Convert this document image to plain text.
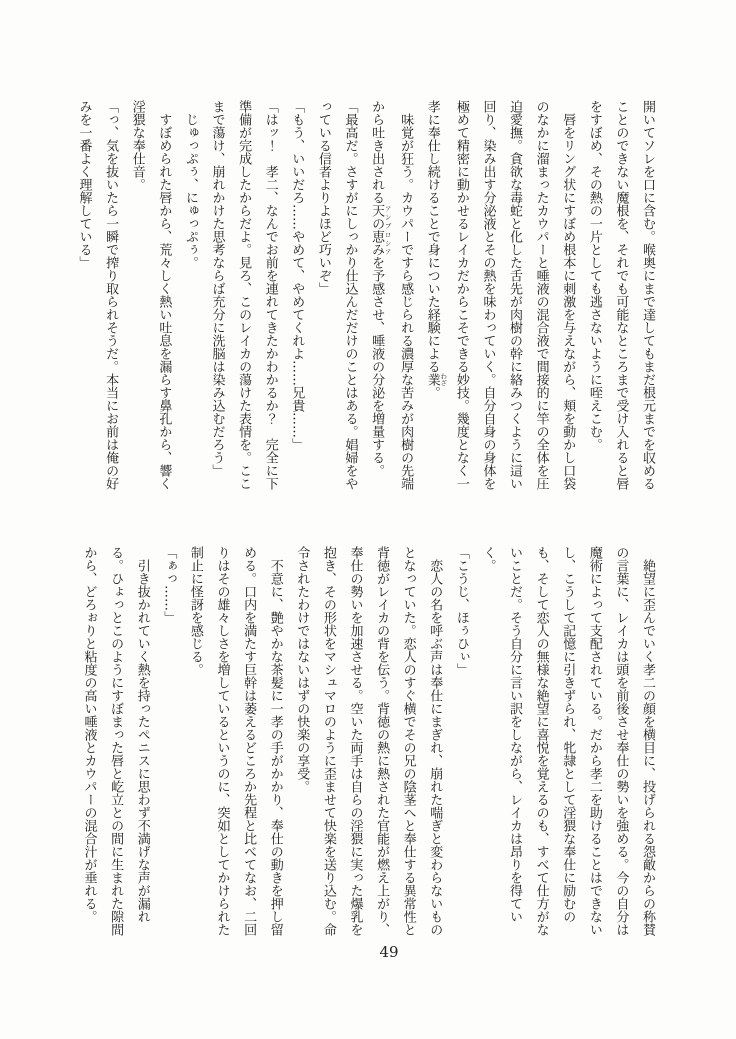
開いてソレを口に含む。喉奥にまで達してもまだ根元までを収める
ことのできない魔根を、それでも可能なところまで受け入れると唇
をすぼめ、その熱の一片としても逃さないように咥えこむ。
　唇をリング状にすぼめ根本に刺激を与えながら、頬を動かし口袋
のなかに溜まったカウパーと唾液の混合液で間接的に竿の全体を圧
迫愛撫。貪欲な毒蛇と化した舌先が肉樹の幹に絡みつくように這い
回り、染み出す分泌液とその熱を味わっていく。自分自身の身体を
極めて精密に動かせるレイカだからこそできる妙技。幾度となく一
孝に奉仕し続けることで身についた経験による業 わざ。
　味覚が狂う。カウパーですら感じられる濃厚な苦みが肉樹の先端
から吐き出される天の恵み アンブロシアを予感させ、唾液の分泌を増量する。
「最高だ。さすがにしっかり仕込んだだけのことはある。娼婦をや
っている信者よりよほど巧いぞ」
「もう、いいだろ……やめて、やめてくれよ……兄貴……」
「はッ！　孝二、なんでお前を連れてきたかわかるか？　完全に下
準備が完成したからだよ。見ろ、このレイカの蕩けた表情を。ここ
まで蕩け、崩れかけた思考ならば充分に洗脳は染み込むだろう」
　じゅっぷぅ、にゅっぷぅ。
　すぼめられた唇から、荒々しく熱い吐息を漏らす鼻孔から、響く
淫猥な奉仕音。
「っ、気を抜いたら一瞬で搾り取られそうだ。本当にお前は俺の好
みを一番よく理解している」
　絶望に歪んでいく孝二の顔を横目に、投げられる怨敵からの称賛
の言葉に、レイカは頭を前後させ奉仕の勢いを強める。今の自分は
魔術によって支配されている。だから孝二を助けることはできない
し、こうして記憶に引きずられ、牝隷として淫猥な奉仕に励むの
も、そして恋人の無様な絶望に喜悦を覚えるのも、すべて仕方がな
いことだ。そう自分に言い訳をしながら、レイカは昂りを得てい
く。
「こうじ、ほぅひぃ」
　恋人の名を呼ぶ声は奉仕にまぎれ、崩れた喘ぎと変わらないもの
となっていた。恋人のすぐ横でその兄の陰茎へと奉仕する異常性と
背徳がレイカの背を伝う。背徳の熱に熱された官能が燃え上がり、
奉仕の勢いを加速させる。空いた両手は自らの淫猥に実った爆乳を
抱き、その形状をマシュマロのように歪ませて快楽を送り込む。命
令されたわけではないはずの快楽の享受。
　不意に、艶やかな茶髪に一孝の手がかかり、奉仕の動きを押し留
める。口内を満たす巨幹は萎えるどころか先程と比べてなお、二回
りはその雄々しさを増しているというのに、突如としてかけられた
制止に怪訝を感じる。
「ぁっ……」
　引き抜かれていく熱を持ったペニスに思わず不満げな声が漏れ
る。ひょっとこのようにすぼまった唇と屹立との間に生まれた隙間
から、どろぉりと粘度の高い唾液とカウパーの混合汁が垂れる。
49
